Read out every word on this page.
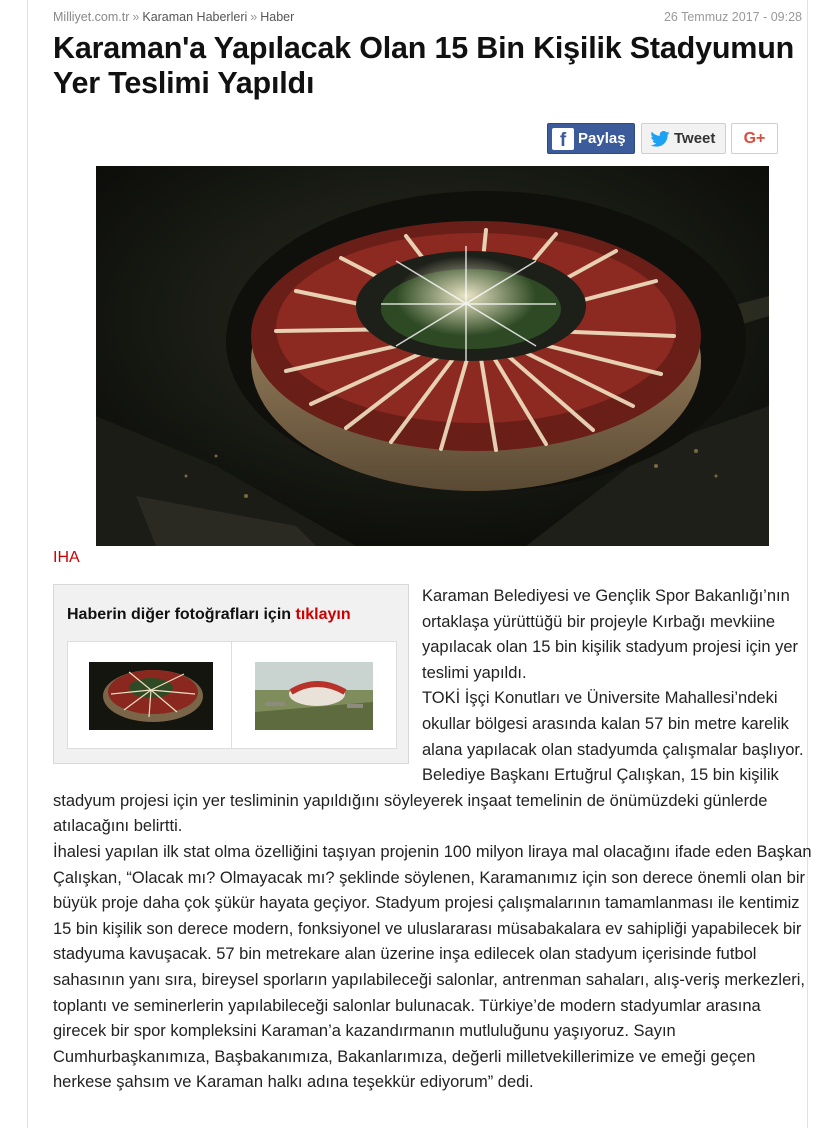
Milliyet.com.tr » Karaman Haberleri » Haber	26 Temmuz 2017 - 09:28
Karaman'a Yapılacak Olan 15 Bin Kişilik Stadyumun Yer Teslimi Yapıldı
f Paylaş	Tweet G+
IHA
Haberin diğer fotoğrafları için tıklayın

Karaman Belediyesi ve Gençlik Spor Bakanlığı’nın ortaklaşa yürüttüğü bir projeyle Kırbağı mevkiine yapılacak olan 15 bin kişilik stadyum projesi için yer teslimi yapıldı.

TOKİ İşçi Konutları ve Üniversite Mahallesi’ndeki okullar bölgesi arasında kalan 57 bin metre karelik alana yapılacak olan stadyumda çalışmalar başlıyor. Belediye Başkanı Ertuğrul Çalışkan, 15 bin kişilik stadyum projesi için yer tesliminin yapıldığını söyleyerek inşaat temelinin de önümüzdeki günlerde atılacağını belirtti.

İhalesi yapılan ilk stat olma özelliğini taşıyan projenin 100 milyon liraya mal olacağını ifade eden Başkan Çalışkan, “Olacak mı? Olmayacak mı? şeklinde söylenen, Karamanımız için son derece önemli olan bir büyük proje daha çok şükür hayata geçiyor. Stadyum projesi çalışmalarının tamamlanması ile kentimiz 15 bin kişilik son derece modern, fonksiyonel ve uluslararası müsabakalara ev sahipliği yapabilecek bir stadyuma kavuşacak. 57 bin metrekare alan üzerine inşa edilecek olan stadyum içerisinde futbol sahasının yanı sıra, bireysel sporların yapılabileceği salonlar, antrenman sahaları, alış-veriş merkezleri, toplantı ve seminerlerin yapılabileceği salonlar bulunacak. Türkiye’de modern stadyumlar arasına girecek bir spor kompleksini Karaman’a kazandırmanın mutluluğunu yaşıyoruz. Sayın Cumhurbaşkanımıza, Başbakanımıza, Bakanlarımıza, değerli milletvekillerimize ve emeği geçen herkese şahsım ve Karaman halkı adına teşekkür ediyorum” dedi.
